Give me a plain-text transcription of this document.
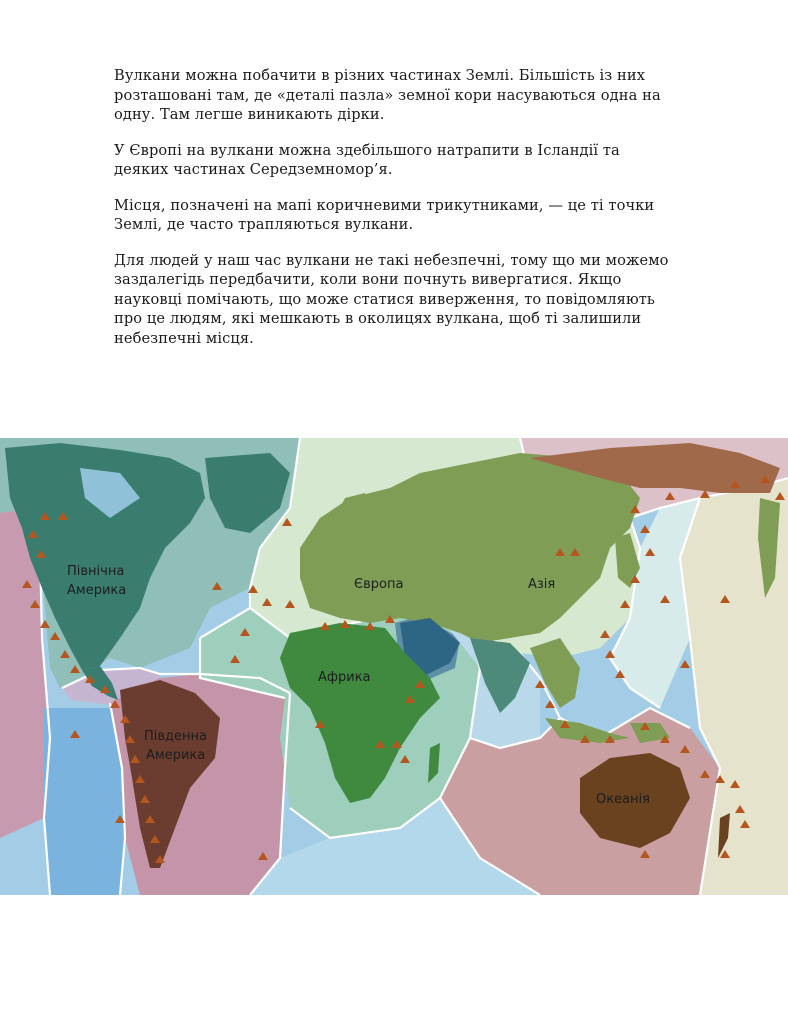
Вулкани можна побачити в різних частинах Землі. Більшість із них розташовані там, де «деталі пазла» земної кори насуваються одна на одну. Там легше виникають дірки.

У Європі на вулкани можна здебільшого натрапити в Ісландії та деяких частинах Середземномор’я.

Місця, позначені на мапі коричневими трикутниками, — це ті точки Землі, де часто трапляються вулкани.

Для людей у наш час вулкани не такі небезпечні, тому що ми можемо заздалегідь передбачити, коли вони почнуть вивергатися. Якщо науковці помічають, що може статися виверження, то повідомляють про це людям, які мешкають в околицях вулкана, щоб ті залишили небезпечні місця.

Північна
Америка
Південна
Америка
Європа	Азія
Африка
Океанія
